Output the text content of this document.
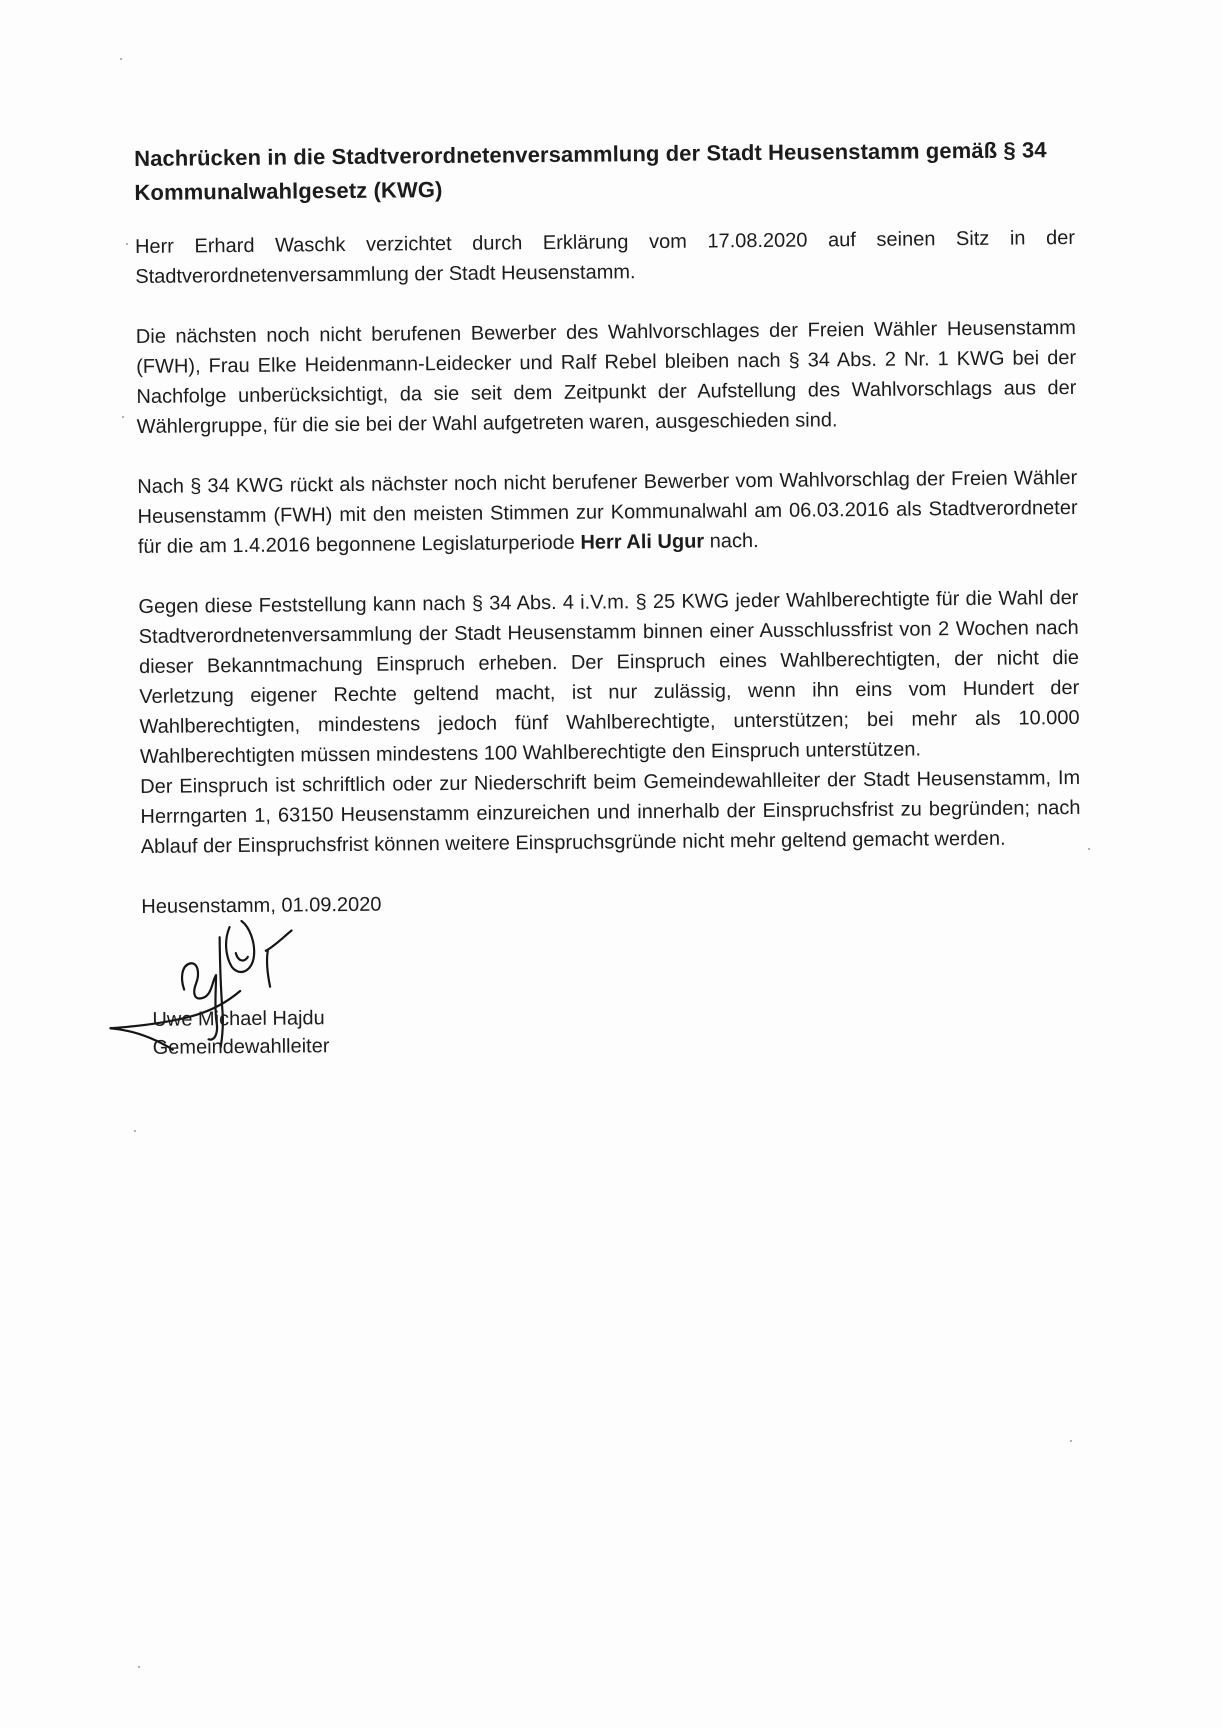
Nachrücken in die Stadtverordnetenversammlung der Stadt Heusenstamm gemäß § 34 Kommunalwahlgesetz (KWG)

Herr Erhard Waschk verzichtet durch Erklärung vom 17.08.2020 auf seinen Sitz in der Stadtverordnetenversammlung der Stadt Heusenstamm.

Die nächsten noch nicht berufenen Bewerber des Wahlvorschlages der Freien Wähler Heusenstamm (FWH), Frau Elke Heidenmann-Leidecker und Ralf Rebel bleiben nach § 34 Abs. 2 Nr. 1 KWG bei der Nachfolge unberücksichtigt, da sie seit dem Zeitpunkt der Aufstellung des Wahlvorschlags aus der Wählergruppe, für die sie bei der Wahl aufgetreten waren, ausgeschieden sind.

Nach § 34 KWG rückt als nächster noch nicht berufener Bewerber vom Wahlvorschlag der Freien Wähler Heusenstamm (FWH) mit den meisten Stimmen zur Kommunalwahl am 06.03.2016 als Stadtverordneter für die am 1.4.2016 begonnene Legislaturperiode Herr Ali Ugur nach.

Gegen diese Feststellung kann nach § 34 Abs. 4 i.V.m. § 25 KWG jeder Wahlberechtigte für die Wahl der Stadtverordnetenversammlung der Stadt Heusenstamm binnen einer Ausschlussfrist von 2 Wochen nach dieser Bekanntmachung Einspruch erheben. Der Einspruch eines Wahlberechtigten, der nicht die Verletzung eigener Rechte geltend macht, ist nur zulässig, wenn ihn eins vom Hundert der Wahlberechtigten, mindestens jedoch fünf Wahlberechtigte, unterstützen; bei mehr als 10.000 Wahlberechtigten müssen mindestens 100 Wahlberechtigte den Einspruch unterstützen.

Der Einspruch ist schriftlich oder zur Niederschrift beim Gemeindewahlleiter der Stadt Heusenstamm, Im Herrngarten 1, 63150 Heusenstamm einzureichen und innerhalb der Einspruchsfrist zu begründen; nach Ablauf der Einspruchsfrist können weitere Einspruchsgründe nicht mehr geltend gemacht werden.

Heusenstamm, 01.09.2020
Uwe Michael Hajdu
Gemeindewahlleiter
